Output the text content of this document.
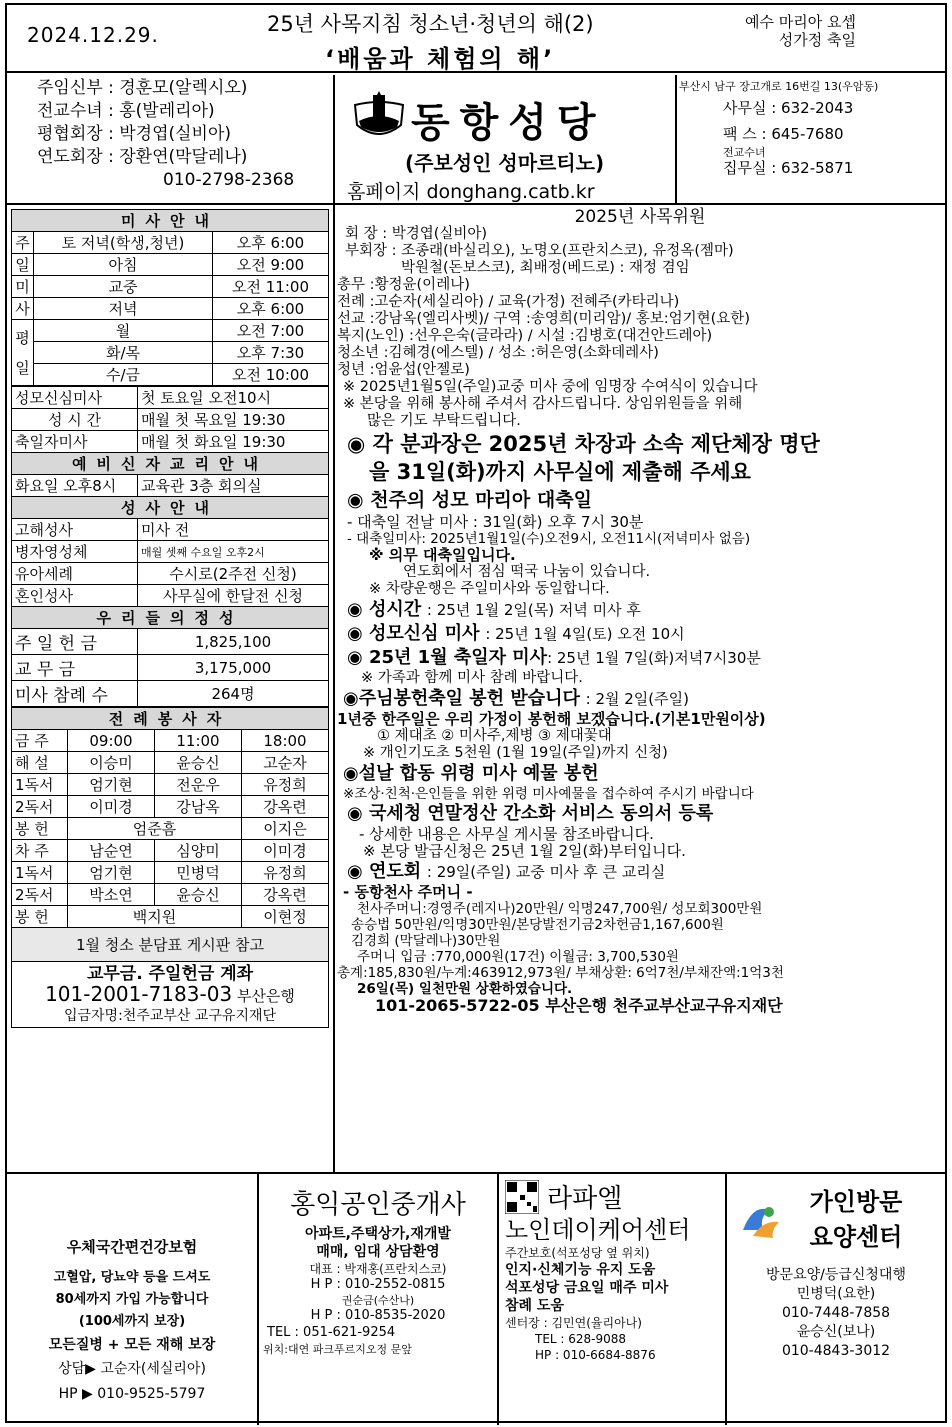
2024.12.29.	25년 사목지침 청소년·청년의 해(2)
‘배움과 체험의 해’
예수 마리아 요셉
성가정 축일
주임신부 : 경훈모(알렉시오)
전교수녀 : 홍(발레리아)
평협회장 : 박경엽(실비아)
연도회장 : 장환연(막달레나)
010-2798-2368
동항성당
(주보성인 성마르티노)
홈페이지 donghang.catb.kr
부산시 남구 장고개로 16번길 13(우암동)
사무실 : 632-2043
팩 스 : 645-7680
전교수녀
집무실 : 632-5871
미사안내		
주	토 저녁(학생,청년)	오후 6:00
일	아침	오전 9:00
미	교중	오전 11:00
사	저녁	오후 6:00
평
일	월	오전 7:00
	화/목	오후 7:30
	수/금	오전 10:00
성모신심미사	첫 토요일 오전10시
성 시 간	매월 첫 목요일 19:30
축일자미사	매월 첫 화요일 19:30
예비신자교리안내	
화요일 오후8시	교육관 3층 회의실
성사안내	
고해성사	미사 전
병자영성체	매월 셋째 수요일 오후2시
유아세례	수시로(2주전 신청)
혼인성사	사무실에 한달전 신청
우리들의정성	
주 일 헌 금	1,825,100
교 무 금	3,175,000
미사 참례 수	264명
전례봉사자			
금 주	09:00	11:00	18:00
해 설	이승미	윤승신	고순자
1독서	엄기현	전운우	유정희
2독서	이미경	강남옥	강옥련
봉 헌	엄준흠		이지은
차 주	남순연	심양미	이미경
1독서	엄기현	민병덕	유정희
2독서	박소연	윤승신	강옥련
봉 헌	백지원		이현정
1월 청소 분담표 게시판 참고			

교무금. 주일헌금 계좌
101-2001-7183-03 부산은행
입금자명:천주교부산 교구유지재단			
2025년 사목위원
회 장 : 박경엽(실비아)
부회장 : 조종래(바실리오), 노명오(프란치스코), 유정옥(젬마)
박원철(돈보스코), 최배정(베드로) : 재정 겸임
총무 :황정윤(이레나)
전례 :고순자(세실리아) / 교육(가정) 전혜주(카타리나)
선교 :강남옥(엘리사벳)/ 구역 :송영희(미리암)/ 홍보:엄기현(요한)
복지(노인) :선우은숙(글라라) / 시설 :김병호(대건안드레아)
청소년 :김혜경(에스텔) / 성소 :허은영(소화데레사)
청년 :엄윤섭(안젤로)
※ 2025년1월5일(주일)교중 미사 중에 임명장 수여식이 있습니다
※ 본당을 위해 봉사해 주셔서 감사드립니다. 상임위원들을 위해
많은 기도 부탁드립니다.
◉ 각 분과장은 2025년 차장과 소속 제단체장 명단
을 31일(화)까지 사무실에 제출해 주세요
◉ 천주의 성모 마리아 대축일
- 대축일 전날 미사 : 31일(화) 오후 7시 30분
- 대축일미사: 2025년1월1일(수)오전9시, 오전11시(저녁미사 없음)
※ 의무 대축일입니다.
연도회에서 점심 떡국 나눔이 있습니다.
※ 차량운행은 주일미사와 동일합니다.
◉ 성시간 : 25년 1월 2일(목) 저녁 미사 후
◉ 성모신심 미사 : 25년 1월 4일(토) 오전 10시
◉ 25년 1월 축일자 미사: 25년 1월 7일(화)저녁7시30분
※ 가족과 함께 미사 참례 바랍니다.
◉주님봉헌축일 봉헌 받습니다 : 2월 2일(주일)
1년중 한주일은 우리 가정이 봉헌해 보겠습니다.(기본1만원이상)
① 제대초 ② 미사주,제병 ③ 제대꽃대
※ 개인기도초 5천원 (1월 19일(주일)까지 신청)
◉설날 합동 위령 미사 예물 봉헌
※조상·친척·은인들을 위한 위령 미사예물을 접수하여 주시기 바랍니다
◉ 국세청 연말정산 간소화 서비스 동의서 등록
- 상세한 내용은 사무실 게시물 참조바랍니다.
※ 본당 발급신청은 25년 1월 2일(화)부터입니다.
◉ 연도회 : 29일(주일) 교중 미사 후 큰 교리실
- 동항천사 주머니 -
천사주머니:경영주(레지나)20만원/ 익명247,700원/ 성모회300만원
송승법 50만원/익명30만원/본당발전기금2차헌금1,167,600원
김경희 (막달레나)30만원
주머니 입금 :770,000원(17건) 이월금: 3,700,530원
총계:185,830원/누계:463912,973원/ 부채상환: 6억7천/부채잔액:1억3천
26일(목) 일천만원 상환하였습니다.
101-2065-5722-05 부산은행 천주교부산교구유지재단
우체국간편건강보험
고혈압, 당뇨약 등을 드셔도
80세까지 가입 가능합니다
(100세까지 보장)
모든질병 + 모든 재해 보장
상담▶ 고순자(세실리아)
HP ▶ 010-9525-5797
홍익공인중개사
아파트,주택상가,재개발
매매, 임대 상담환영
대표 : 박재홍(프란치스코)
H P : 010-2552-0815
권순금(수산나)
H P : 010-8535-2020
TEL : 051-621-9254
위치:대연 파크푸르지오정 문앞
라파엘
노인데이케어센터
주간보호(석포성당 옆 위치)
인지·신체기능 유지 도움
석포성당 금요일 매주 미사
참례 도움
센터장 : 김민연(율리아나)
TEL : 628-9088
HP : 010-6684-8876
가인방문
요양센터
방문요양/등급신청대행
민병덕(요한)
010-7448-7858
윤승신(보나)
010-4843-3012
